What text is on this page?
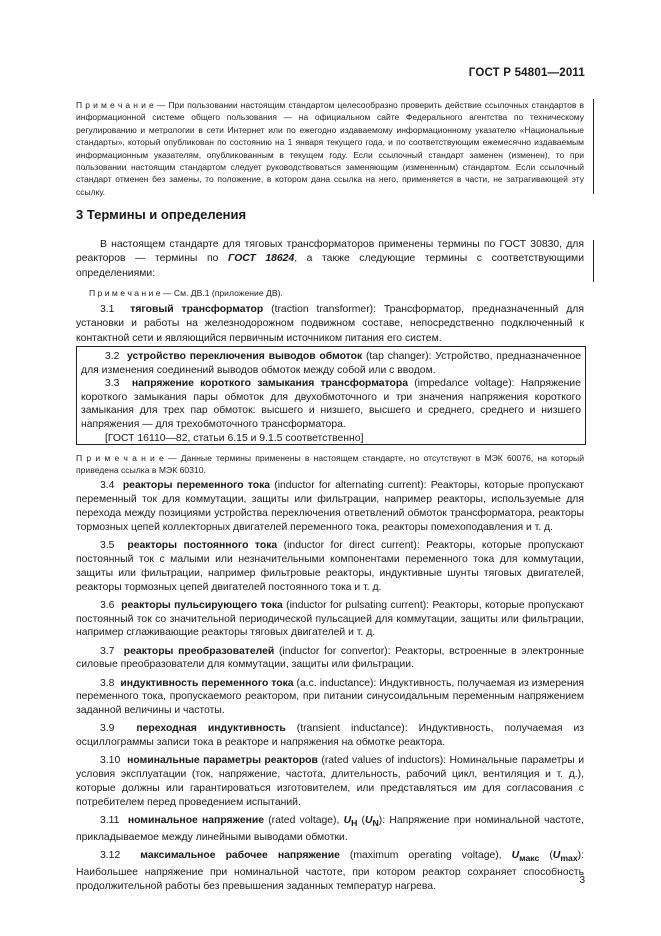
ГОСТ Р 54801—2011

П р и м е ч а н и е — При пользовании настоящим стандартом целесообразно проверить действие ссылочных стандартов в информационной системе общего пользования — на официальном сайте Федерального агентства по техническому регулированию и метрологии в сети Интернет или по ежегодно издаваемому информационному указателю «Национальные стандарты», который опубликован по состоянию на 1 января текущего года, и по соответствующим ежемесячно издаваемым информационным указателям, опубликованным в текущем году. Если ссылочный стандарт заменен (изменен), то при пользовании настоящим стандартом следует руководствоваться заменяющим (измененным) стандартом. Если ссылочный стандарт отменен без замены, то положение, в котором дана ссылка на него, применяется в части, не затрагивающей эту ссылку.

3 Термины и определения
В настоящем стандарте для тяговых трансформаторов применены термины по ГОСТ 30830, для реакторов — термины по ГОСТ 18624, а также следующие термины с соответствующими определениями:
П р и м е ч а н и е — См. ДВ.1 (приложение ДВ).
3.1 тяговый трансформатор (traction transformer): Трансформатор, предназначенный для установки и работы на железнодорожном подвижном составе, непосредственно подключенный к контактной сети и являющийся первичным источником питания его систем.

3.2 устройство переключения выводов обмоток (tap changer): Устройство, предназначенное для изменения соединений выводов обмоток между собой или с вводом.

3.3 напряжение короткого замыкания трансформатора (impedance voltage): Напряжение короткого замыкания пары обмоток для двухобмоточного и три значения напряжения короткого замыкания для трех пар обмоток: высшего и низшего, высшего и среднего, среднего и низшего напряжения — для трехобмоточного трансформатора.

[ГОСТ 16110—82, статьи 6.15 и 9.1.5 соответственно]

П р и м е ч а н и е — Данные термины применены в настоящем стандарте, но отсутствуют в МЭК 60076, на который приведена ссылка в МЭК 60310.

3.4 реакторы переменного тока (inductor for alternating current): Реакторы, которые пропускают переменный ток для коммутации, защиты или фильтрации, например реакторы, используемые для перехода между позициями устройства переключения ответвлений обмоток трансформатора, реакторы тормозных цепей коллекторных двигателей переменного тока, реакторы помехоподавления и т. д.

3.5 реакторы постоянного тока (inductor for direct current): Реакторы, которые пропускают постоянный ток с малыми или незначительными компонентами переменного тока для коммутации, защиты или фильтрации, например фильтровые реакторы, индуктивные шунты тяговых двигателей, реакторы тормозных цепей двигателей постоянного тока и т. д.

3.6 реакторы пульсирующего тока (inductor for pulsating current): Реакторы, которые пропускают постоянный ток со значительной периодической пульсацией для коммутации, защиты или фильтрации, например сглаживающие реакторы тяговых двигателей и т. д.

3.7 реакторы преобразователей (inductor for convertor): Реакторы, встроенные в электронные силовые преобразователи для коммутации, защиты или фильтрации.

3.8 индуктивность переменного тока (a.c. inductance): Индуктивность, получаемая из измерения переменного тока, пропускаемого реактором, при питании синусоидальным переменным напряжением заданной величины и частоты.

3.9 переходная индуктивность (transient inductance): Индуктивность, получаемая из осциллограммы записи тока в реакторе и напряжения на обмотке реактора.

3.10 номинальные параметры реакторов (rated values of inductors): Номинальные параметры и условия эксплуатации (ток, напряжение, частота, длительность, рабочий цикл, вентиляция и т. д.), которые должны или гарантироваться изготовителем, или представляться им для согласования с потребителем перед проведением испытаний.

3.11 номинальное напряжение (rated voltage), $U_Н$ $(U_N)$: Напряжение при номинальной частоте, прикладываемое между линейными выводами обмотки.

3.12 максимальное рабочее напряжение (maximum operating voltage), $U_{макс}$ $(U_{max})$: Наибольшее напряжение при номинальной частоте, при котором реактор сохраняет способность продолжительной работы без превышения заданных температур нагрева.

3
